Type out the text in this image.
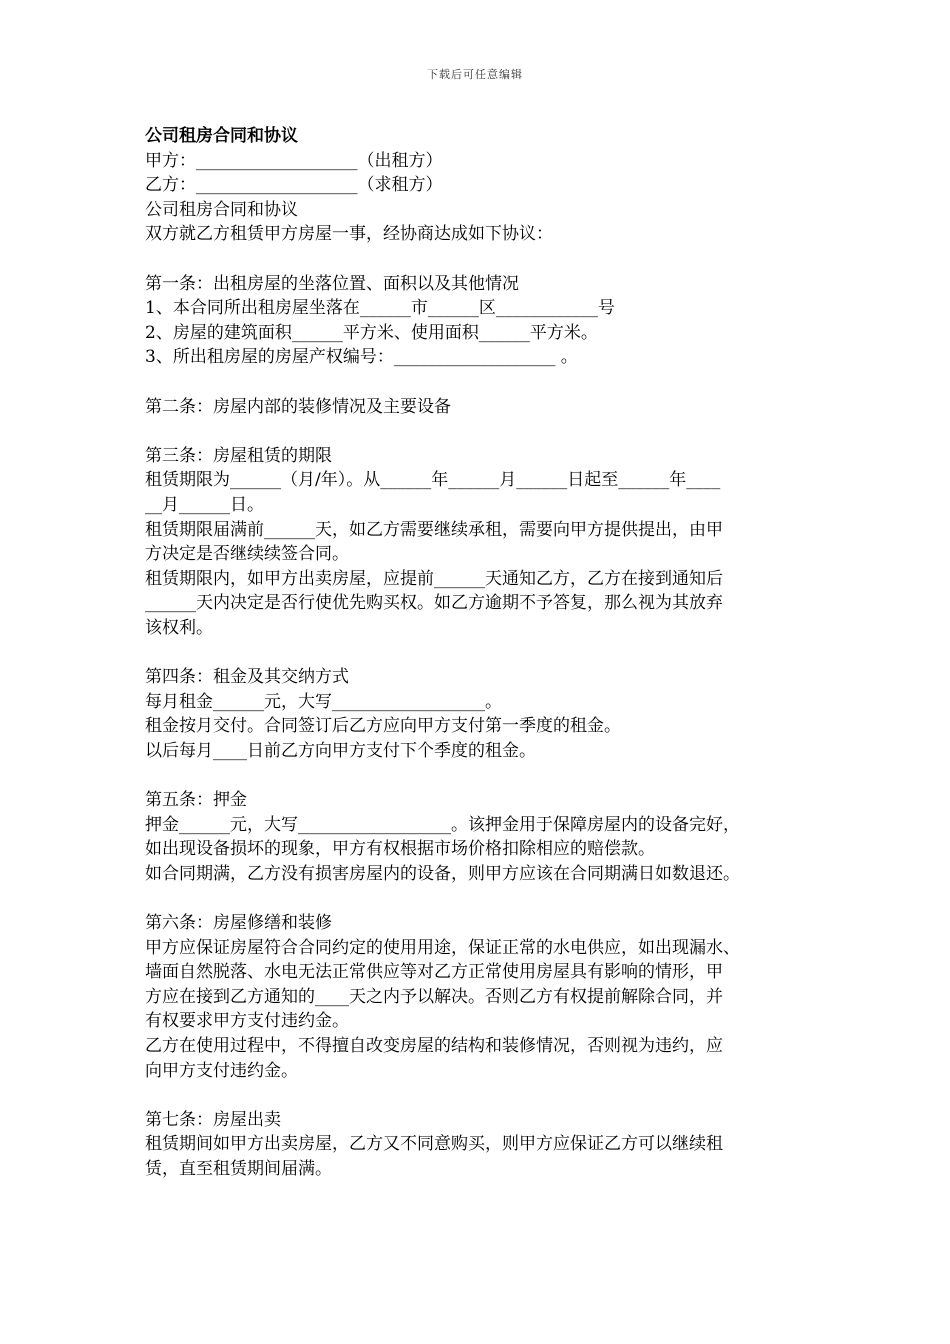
下载后可任意编辑
公司租房合同和协议
甲方：___________________（出租方）
乙方：___________________（求租方）
公司租房合同和协议
双方就乙方租赁甲方房屋一事，经协商达成如下协议：
第一条：出租房屋的坐落位置、面积以及其他情况
1、本合同所出租房屋坐落在______市______区____________号
2、房屋的建筑面积______平方米、使用面积______平方米。
3、所出租房屋的房屋产权编号：___________________ 。
第二条：房屋内部的装修情况及主要设备
第三条：房屋租赁的期限
租赁期限为______（月/年）。从______年______月______日起至______年____
__月______日。
租赁期限届满前______天，如乙方需要继续承租，需要向甲方提供提出，由甲
方决定是否继续续签合同。
租赁期限内，如甲方出卖房屋，应提前______天通知乙方，乙方在接到通知后
______天内决定是否行使优先购买权。如乙方逾期不予答复，那么视为其放弃
该权利。
第四条：租金及其交纳方式
每月租金______元，大写__________________。
租金按月交付。合同签订后乙方应向甲方支付第一季度的租金。
以后每月____日前乙方向甲方支付下个季度的租金。
第五条：押金
押金______元，大写__________________。该押金用于保障房屋内的设备完好，
如出现设备损坏的现象，甲方有权根据市场价格扣除相应的赔偿款。
如合同期满，乙方没有损害房屋内的设备，则甲方应该在合同期满日如数退还。
第六条：房屋修缮和装修
甲方应保证房屋符合合同约定的使用用途，保证正常的水电供应，如出现漏水、
墙面自然脱落、水电无法正常供应等对乙方正常使用房屋具有影响的情形，甲
方应在接到乙方通知的____天之内予以解决。否则乙方有权提前解除合同，并
有权要求甲方支付违约金。
乙方在使用过程中，不得擅自改变房屋的结构和装修情况，否则视为违约，应
向甲方支付违约金。
第七条：房屋出卖
租赁期间如甲方出卖房屋，乙方又不同意购买，则甲方应保证乙方可以继续租
赁，直至租赁期间届满。
